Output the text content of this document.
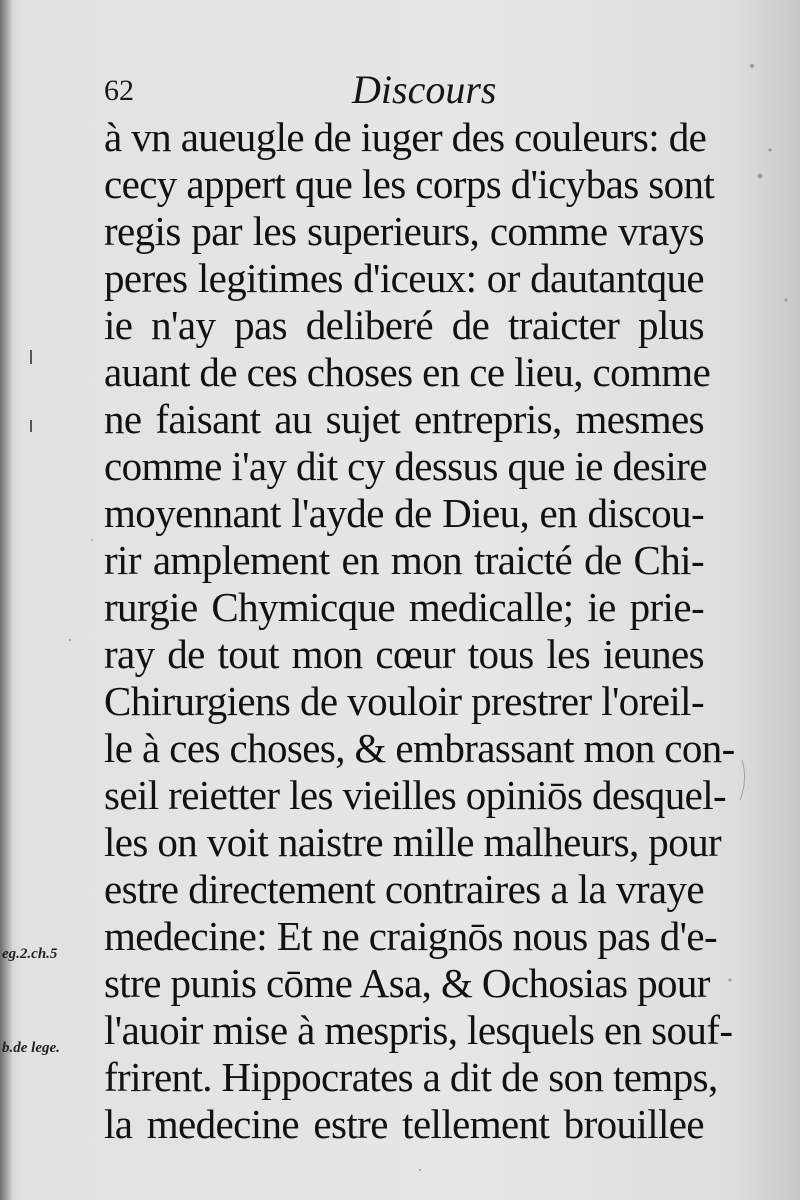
62	Discours
à vn aueugle de iuger des couleurs: de
cecy appert que les corps d'icybas sont
regis par les superieurs, comme vrays
peres legitimes d'iceux: or dautantque
ie n'ay pas deliberé de traicter plus
auant de ces choses en ce lieu, comme
ne faisant au sujet entrepris, mesmes
comme i'ay dit cy dessus que ie desire
moyennant l'ayde de Dieu, en discou-
rir amplement en mon traicté de Chi-
rurgie Chymicque medicalle; ie prie-
ray de tout mon cœur tous les ieunes
Chirurgiens de vouloir prestrer l'oreil-
le à ces choses, & embrassant mon con-
seil reietter les vieilles opiniōs desquel-
les on voit naistre mille malheurs, pour
estre directement contraires a la vraye
medecine: Et ne craignōs nous pas d'e-
stre punis cōme Asa, & Ochosias pour
l'auoir mise à mespris, lesquels en souf-
frirent. Hippocrates a dit de son temps,
la medecine estre tellement brouillee
eg.2.ch.5
b.de lege.
